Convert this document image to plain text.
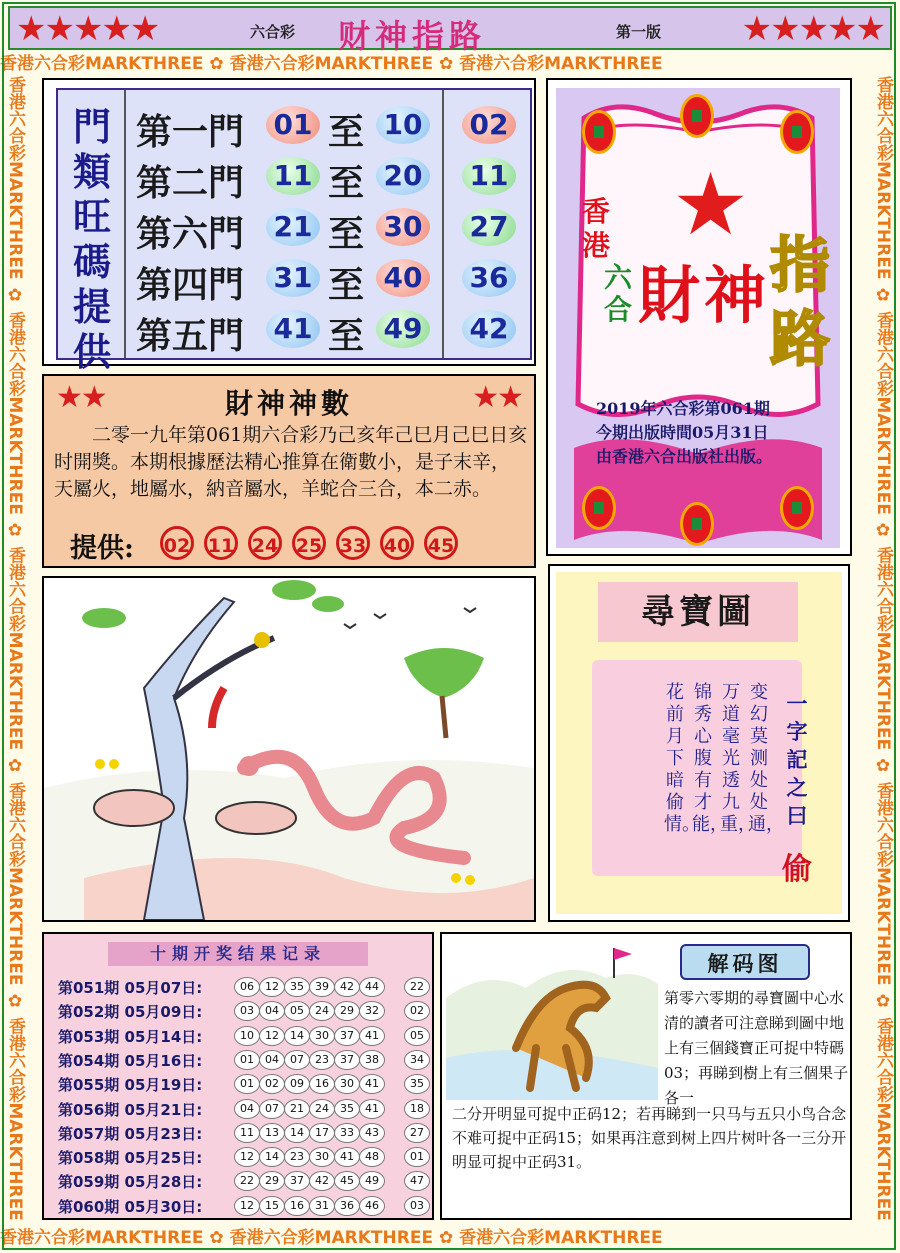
香港六合彩MARKTHREE ✿ 香港六合彩MARKTHREE ✿ 香港六合彩MARKTHREE
香港六合彩MARKTHREE ✿ 香港六合彩MARKTHREE ✿ 香港六合彩MARKTHREE
香港六合彩MARKTHREE ✿ 香港六合彩MARKTHREE ✿ 香港六合彩MARKTHREE ✿ 香港六合彩MARKTHREE ✿ 香港六合彩MARKTHREE
香港六合彩MARKTHREE ✿ 香港六合彩MARKTHREE ✿ 香港六合彩MARKTHREE ✿ 香港六合彩MARKTHREE ✿ 香港六合彩MARKTHREE
★★★★★	六合彩 财神指路	第一版 ★★★★★
門類旺碼提供
第一門 01 至 10 02
第二門 11 至 20 11
第六門 21 至 30 27
第四門 31 至 40 36
第五門 41 至 49 42
★
香
港
六
合 財 神 指
路
2019年六合彩第061期
今期出版時間05月31日
由香港六合出版社出版。
★★	財神神數	★★
二零一九年第061期六合彩乃己亥年己巳月己巳日亥时開獎。本期根據歷法精心推算在衛數小，是子末辛，天屬火，地屬水，納音屬水，羊蛇合三合，本二赤。
提供: 02 11 24 25 33 40 45
尋寶圖
变幻莫测处处通，
万道毫光透九重，
锦秀心腹有才能，
花前月下暗偷情。
一字記之曰
偷
十期开奖结果记录
第051期 05月07日:	06	12	35	39	42	44	22
第052期 05月09日:	03	04	05	24	29	32	02
第053期 05月14日:	10	12	14	30	37	41	05
第054期 05月16日:	01	04	07	23	37	38	34
第055期 05月19日:	01	02	09	16	30	41	35
第056期 05月21日:	04	07	21	24	35	41	18
第057期 05月23日:	11	13	14	17	33	43	27
第058期 05月25日:	12	14	23	30	41	48	01
第059期 05月28日:	22	29	37	42	45	49	47
第060期 05月30日:	12	15	16	31	36	46	03
解码图
第零六零期的尋寶圖中心水清的讀者可注意睇到圖中地上有三個錢寶正可捉中特碼03；再睇到樹上有三個果子各一
二分开明显可捉中正码12；若再睇到一只马与五只小鸟合念不难可捉中正码15；如果再注意到树上四片树叶各一三分开明显可捉中正码31。
